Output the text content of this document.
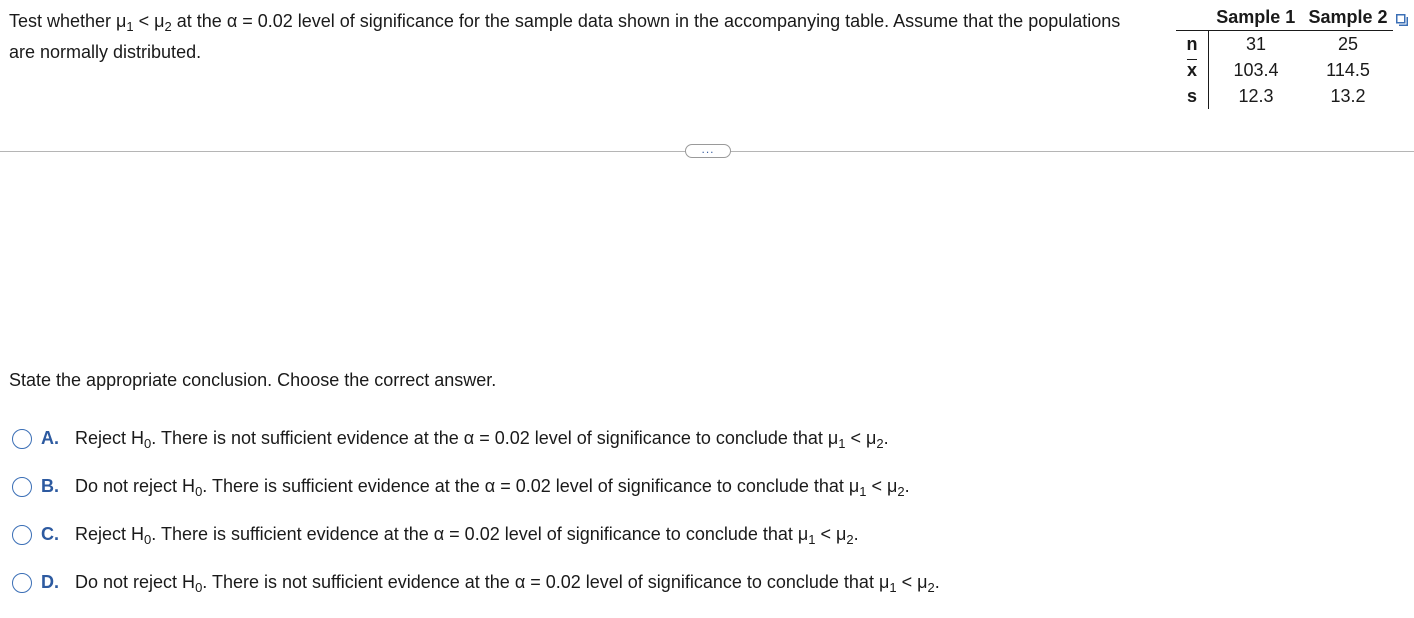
Test whether $\mu_1 < \mu_2$ at the α = 0.02 level of significance for the sample data shown in the accompanying table. Assume that the populations are normally distributed.
	Sample 1	Sample 2
n	31	25
$\overline{x}$	103.4	114.5
s	12.3	13.2
...
State the appropriate conclusion. Choose the correct answer.
A. Reject $H_0$. There is not sufficient evidence at the α = 0.02 level of significance to conclude that $\mu_1 < \mu_2$.
B. Do not reject $H_0$. There is sufficient evidence at the α = 0.02 level of significance to conclude that $\mu_1 < \mu_2$.
C. Reject $H_0$. There is sufficient evidence at the α = 0.02 level of significance to conclude that $\mu_1 < \mu_2$.
D. Do not reject $H_0$. There is not sufficient evidence at the α = 0.02 level of significance to conclude that $\mu_1 < \mu_2$.
